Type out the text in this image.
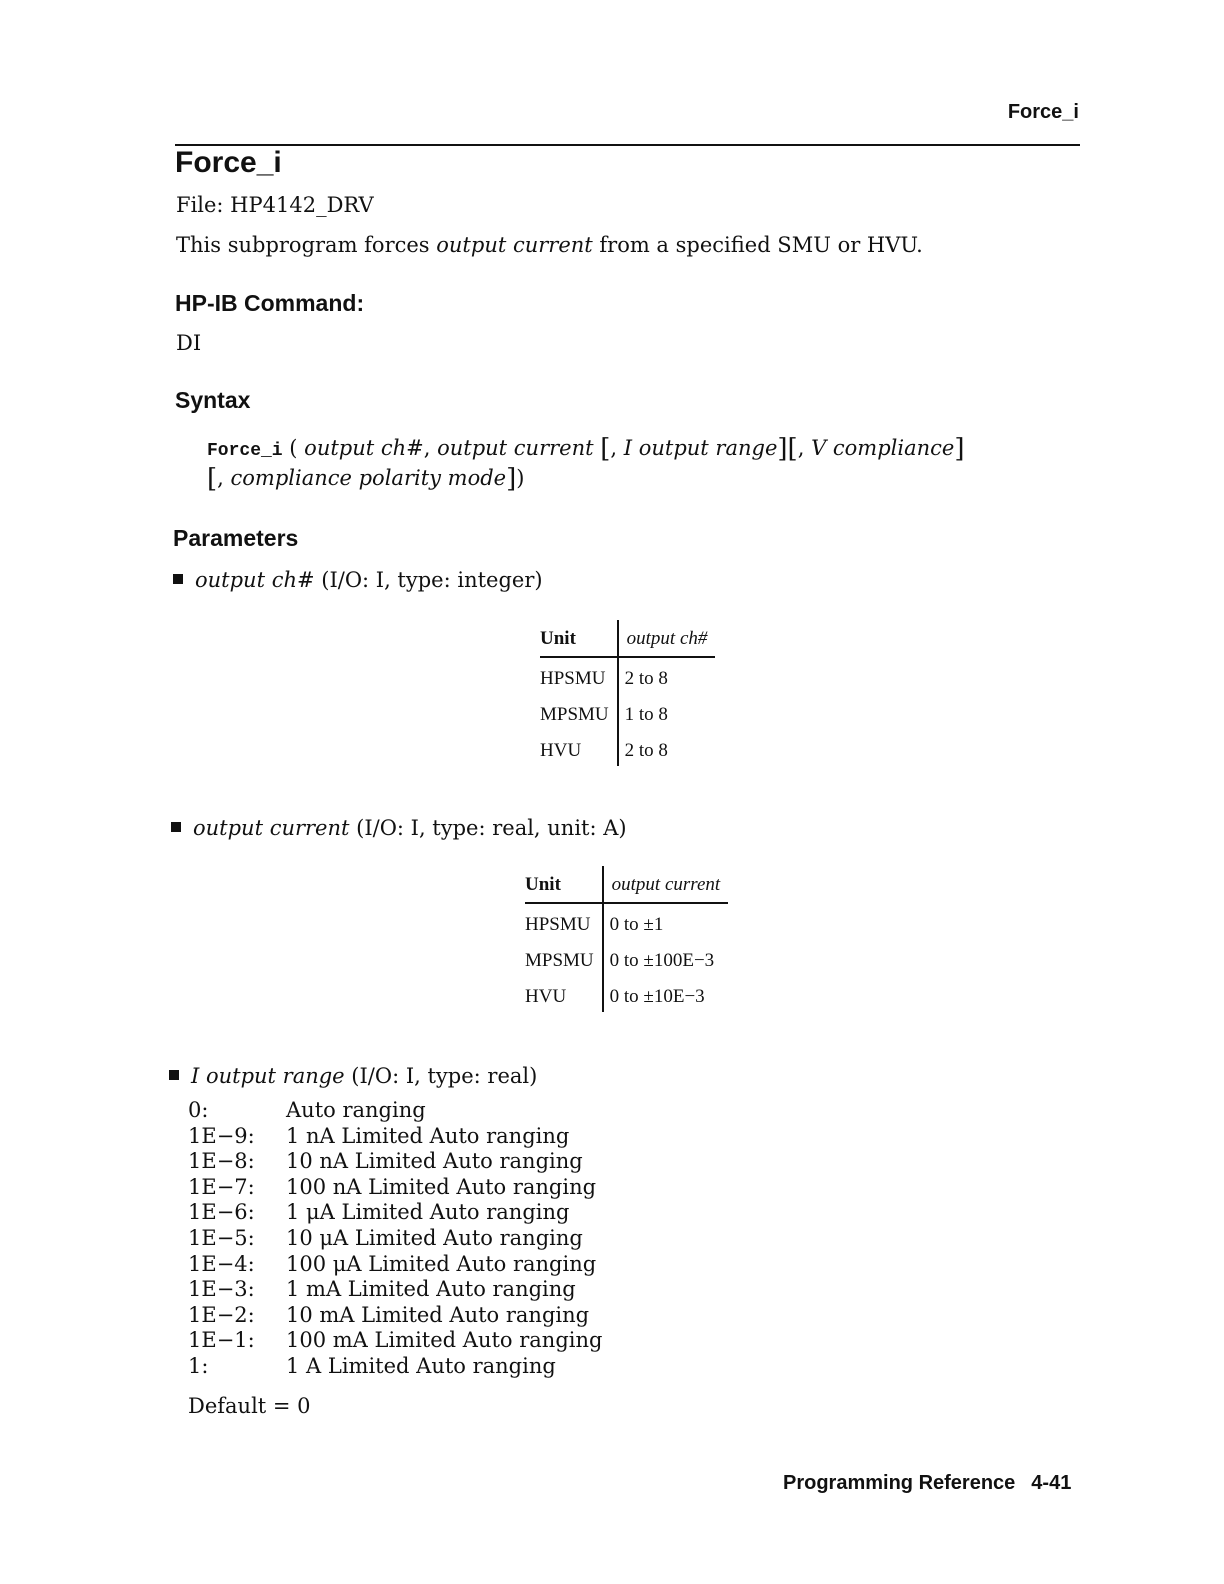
Force_i
Force_i
File: HP4142_DRV
This subprogram forces output current from a specified SMU or HVU.
HP-IB Command:
DI
Syntax
Force_i ( output ch#, output current [, I output range][, V compliance]
[, compliance polarity mode])
Parameters
output ch# (I/O: I, type: integer)
Unit	output ch#
HPSMU	2 to 8
MPSMU	1 to 8
HVU	2 to 8
output current (I/O: I, type: real, unit: A)
Unit	output current
HPSMU	0 to ±1
MPSMU	0 to ±100E−3
HVU	0 to ±10E−3
I output range (I/O: I, type: real)
0:	Auto ranging
1E−9:	1 nA Limited Auto ranging
1E−8:	10 nA Limited Auto ranging
1E−7:	100 nA Limited Auto ranging
1E−6:	1 μA Limited Auto ranging
1E−5:	10 μA Limited Auto ranging
1E−4:	100 μA Limited Auto ranging
1E−3:	1 mA Limited Auto ranging
1E−2:	10 mA Limited Auto ranging
1E−1:	100 mA Limited Auto ranging
1:	1 A Limited Auto ranging
Default = 0
Programming Reference 4-41
